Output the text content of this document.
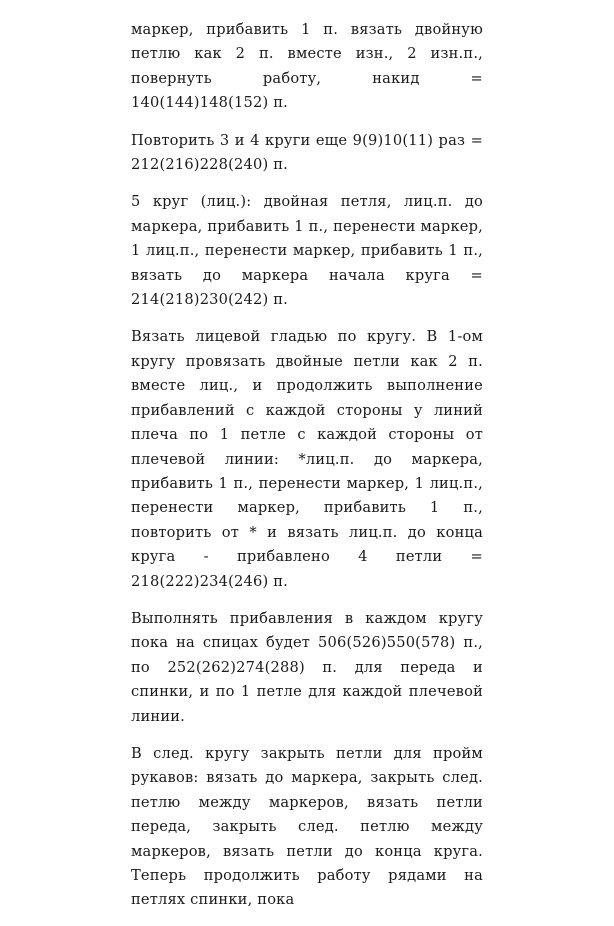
маркер, прибавить 1 п. вязать двойную петлю как 2 п. вместе изн., 2 изн.п., повернуть работу, накид = 140(144)148(152) п.

Повторить 3 и 4 круги еще 9(9)10(11) раз = 212(216)228(240) п.

5 круг (лиц.): двойная петля, лиц.п. до маркера, прибавить 1 п., перенести маркер, 1 лиц.п., перенести маркер, прибавить 1 п., вязать до маркера начала круга = 214(218)230(242) п.

Вязать лицевой гладью по кругу. В 1-ом кругу провязать двойные петли как 2 п. вместе лиц., и продолжить выполнение прибавлений с каждой стороны у линий плеча по 1 петле с каждой стороны от плечевой линии: *лиц.п. до маркера, прибавить 1 п., перенести маркер, 1 лиц.п., перенести маркер, прибавить 1 п., повторить от * и вязать лиц.п. до конца круга - прибавлено 4 петли = 218(222)234(246) п.

Выполнять прибавления в каждом кругу пока на спицах будет 506(526)550(578) п., по 252(262)274(288) п. для переда и спинки, и по 1 петле для каждой плечевой линии.

В след. кругу закрыть петли для пройм рукавов: вязать до маркера, закрыть след. петлю между маркеров, вязать петли переда, закрыть след. петлю между маркеров, вязать петли до конца круга. Теперь продолжить работу рядами на петлях спинки, пока
